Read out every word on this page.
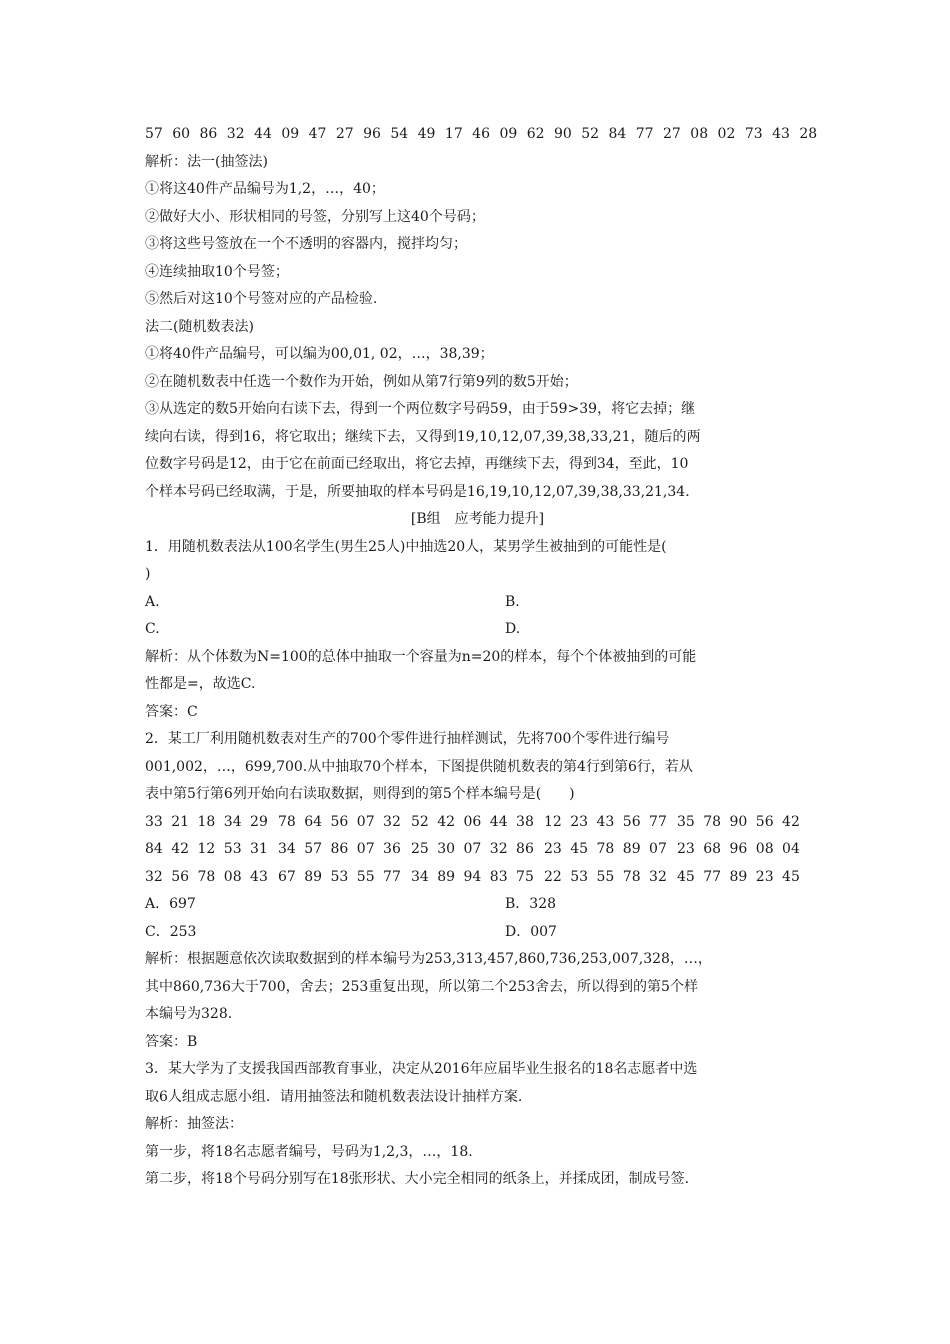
57 60 86 32 44 09 47 27 96 54 49 17 46 09 62 90 52 84 77 27 08 02 73 43 28
解析：法一(抽签法)
①将这40件产品编号为1,2，…，40；
②做好大小、形状相同的号签，分别写上这40个号码；
③将这些号签放在一个不透明的容器内，搅拌均匀；
④连续抽取10个号签；
⑤然后对这10个号签对应的产品检验.
法二(随机数表法)
①将40件产品编号，可以编为00,01, 02，…，38,39；
②在随机数表中任选一个数作为开始，例如从第7行第9列的数5开始；
③从选定的数5开始向右读下去，得到一个两位数字号码59，由于59>39，将它去掉；继
续向右读，得到16，将它取出；继续下去，又得到19,10,12,07,39,38,33,21，随后的两
位数字号码是12，由于它在前面已经取出，将它去掉，再继续下去，得到34，至此，10
个样本号码已经取满，于是，所要抽取的样本号码是16,19,10,12,07,39,38,33,21,34.
[B组　应考能力提升]
1．用随机数表法从100名学生(男生25人)中抽选20人，某男学生被抽到的可能性是(
)
A.	B.
C.	D.
解析：从个体数为N=100的总体中抽取一个容量为n=20的样本，每个个体被抽到的可能
性都是=，故选C.
答案：C
2．某工厂利用随机数表对生产的700个零件进行抽样测试，先将700个零件进行编号
001,002，…，699,700.从中抽取70个样本，下图提供随机数表的第4行到第6行，若从
表中第5行第6列开始向右读取数据，则得到的第5个样本编号是(　　)
33 21 18 34 29 78 64 56 07 32 52 42 06 44 38 12 23 43 56 77 35 78 90 56 42
84 42 12 53 31 34 57 86 07 36 25 30 07 32 86 23 45 78 89 07 23 68 96 08 04
32 56 78 08 43 67 89 53 55 77 34 89 94 83 75 22 53 55 78 32 45 77 89 23 45
A．697	B．328
C．253	D．007
解析：根据题意依次读取数据到的样本编号为253,313,457,860,736,253,007,328，…，
其中860,736大于700，舍去；253重复出现，所以第二个253舍去，所以得到的第5个样
本编号为328.
答案：B
3．某大学为了支援我国西部教育事业，决定从2016年应届毕业生报名的18名志愿者中选
取6人组成志愿小组．请用抽签法和随机数表法设计抽样方案.
解析：抽签法：
第一步，将18名志愿者编号，号码为1,2,3，…，18.
第二步，将18个号码分别写在18张形状、大小完全相同的纸条上，并揉成团，制成号签.
